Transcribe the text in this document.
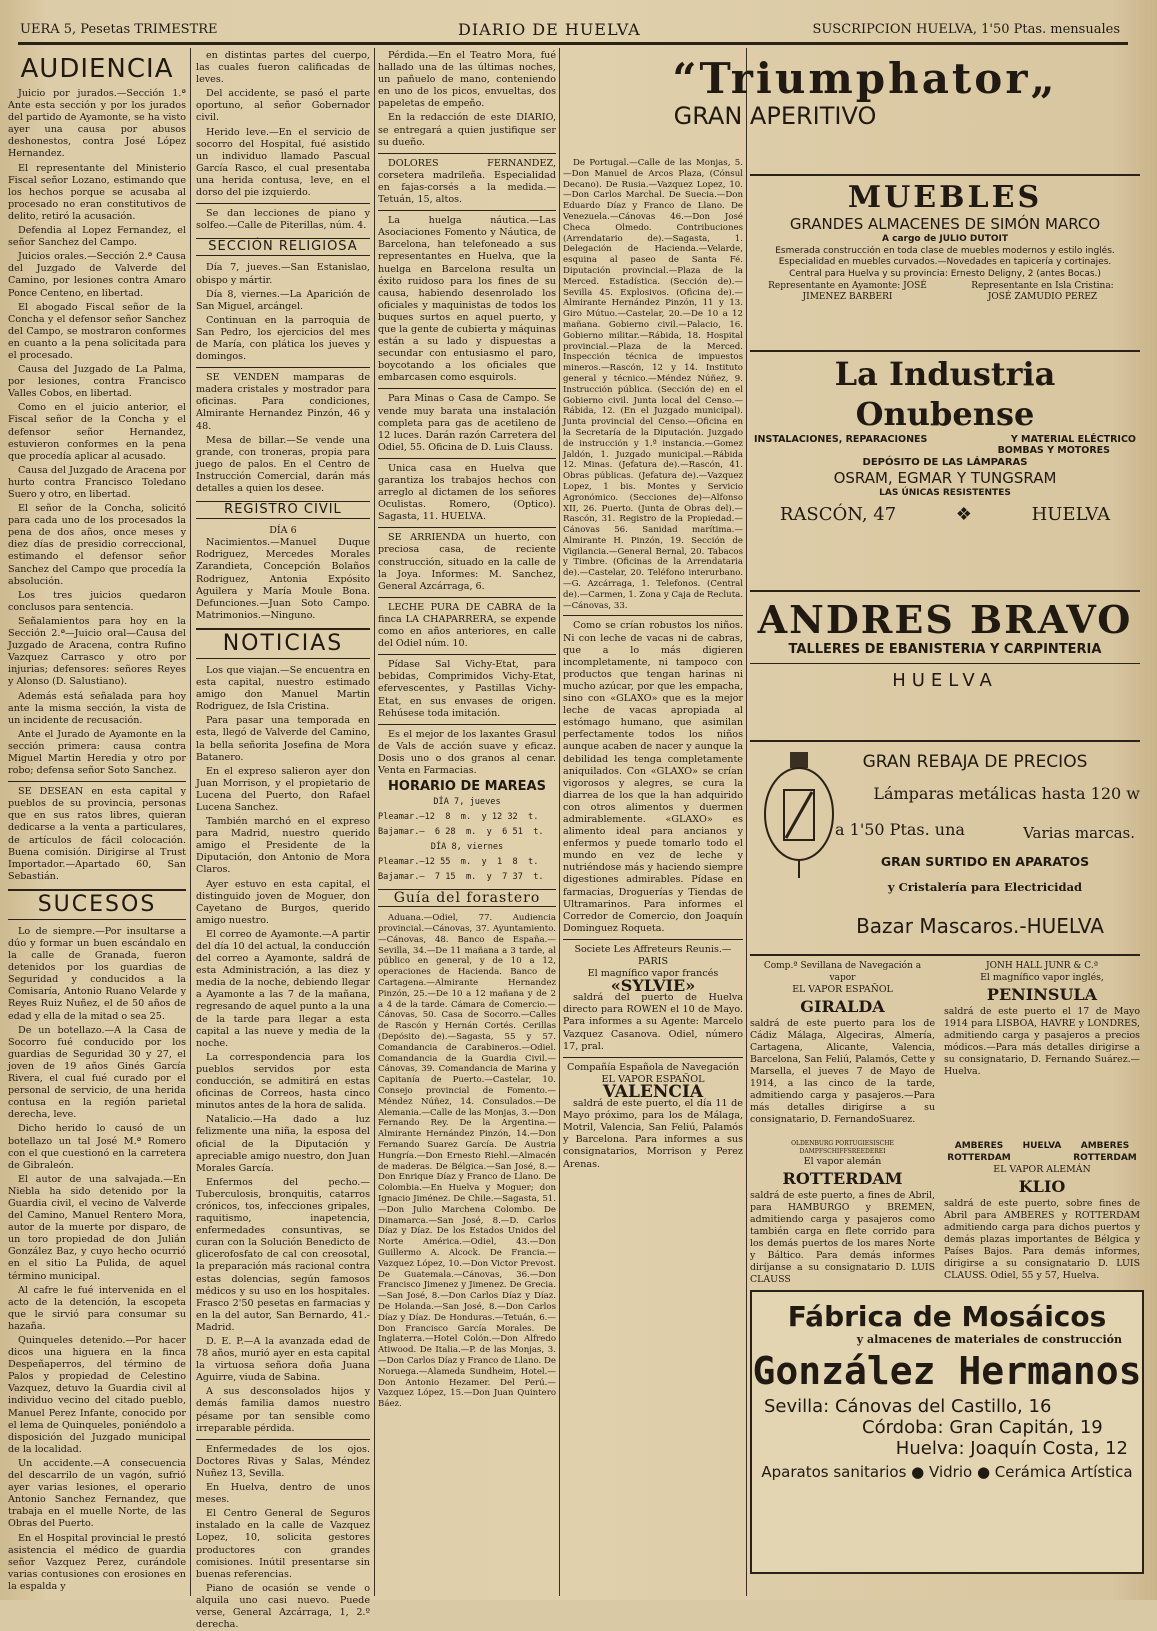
UERA 5, Pesetas TRIMESTRE	DIARIO DE HUELVA	SUSCRIPCION HUELVA, 1'50 Ptas. mensuales
AUDIENCIA

Juicio por jurados.—Sección 1.ª Ante esta sección y por los jurados del partido de Ayamonte, se ha visto ayer una causa por abusos deshonestos, contra José López Hernandez.

El representante del Ministerio Fiscal señor Lozano, estimando que los hechos porque se acusaba al procesado no eran constitutivos de delito, retiró la acusación.

Defendia al Lopez Fernandez, el señor Sanchez del Campo.

Juicios orales.—Sección 2.ª Causa del Juzgado de Valverde del Camino, por lesiones contra Amaro Ponce Centeno, en libertad.

El abogado Fiscal señor de la Concha y el defensor señor Sanchez del Campo, se mostraron conformes en cuanto a la pena solicitada para el procesado.

Causa del Juzgado de La Palma, por lesiones, contra Francisco Valles Cobos, en libertad.

Como en el juicio anterior, el Fiscal señor de la Concha y el defensor señor Hernandez, estuvieron conformes en la pena que procedía aplicar al acusado.

Causa del Juzgado de Aracena por hurto contra Francisco Toledano Suero y otro, en libertad.

El señor de la Concha, solicitó para cada uno de los procesados la pena de dos años, once meses y diez días de presidio correccional, estimando el defensor señor Sanchez del Campo que procedía la absolución.

Los tres juicios quedaron conclusos para sentencia.

Señalamientos para hoy en la Sección 2.ª—Juicio oral—Causa del Juzgado de Aracena, contra Rufino Vazquez Carrasco y otro por injurias; defensores: señores Reyes y Alonso (D. Salustiano).

Además está señalada para hoy ante la misma sección, la vista de un incidente de recusación.

Ante el Jurado de Ayamonte en la sección primera: causa contra Miguel Martin Heredia y otro por robo; defensa señor Soto Sanchez.

SE DESEAN en esta capital y pueblos de su provincia, personas que en sus ratos libres, quieran dedicarse a la venta a particulares, de artículos de fácil colocación. Buena comisión. Dirigirse al Trust Importador.—Apartado 60, San Sebastián.

SUCESOS

Lo de siempre.—Por insultarse a dúo y formar un buen escándalo en la calle de Granada, fueron detenidos por los guardias de Seguridad y conducidos a la Comisaría, Antonio Ruano Velarde y Reyes Ruiz Nuñez, el de 50 años de edad y ella de la mitad o sea 25.

De un botellazo.—A la Casa de Socorro fué conducido por los guardias de Seguridad 30 y 27, el joven de 19 años Ginés García Rivera, el cual fué curado por el personal de servicio, de una herida contusa en la región parietal derecha, leve.

Dicho herido lo causó de un botellazo un tal José M.ª Romero con el que cuestionó en la carretera de Gibraleón.

El autor de una salvajada.—En Niebla ha sido detenido por la Guardia civil, el vecino de Valverde del Camino, Manuel Rentero Mora, autor de la muerte por disparo, de un toro propiedad de don Julián González Baz, y cuyo hecho ocurrió en el sitio La Pulida, de aquel término municipal.

Al cafre le fué intervenida en el acto de la detención, la escopeta que le sirvió para consumar su hazaña.

Quinqueles detenido.—Por hacer dicos una higuera en la finca Despeñaperros, del término de Palos y propiedad de Celestino Vazquez, detuvo la Guardia civil al individuo vecino del citado pueblo, Manuel Perez Infante, conocido por el lema de Quinqueles, poniéndolo a disposición del Juzgado municipal de la localidad.

Un accidente.—A consecuencia del descarrilo de un vagón, sufrió ayer varias lesiones, el operario Antonio Sanchez Fernandez, que trabaja en el muelle Norte, de las Obras del Puerto.

En el Hospital provincial le prestó asistencia el médico de guardia señor Vazquez Perez, curándole varias contusiones con erosiones en la espalda y

en distintas partes del cuerpo, las cuales fueron calificadas de leves.

Del accidente, se pasó el parte oportuno, al señor Gobernador civil.

Herido leve.—En el servicio de socorro del Hospital, fué asistido un individuo llamado Pascual García Rasco, el cual presentaba una herida contusa, leve, en el dorso del pie izquierdo.

Se dan lecciones de piano y solfeo.—Calle de Piterillas, núm. 4.

SECCIÓN RELIGIOSA

Día 7, jueves.—San Estanislao, obispo y mártir.

Día 8, viernes.—La Aparición de San Miguel, arcángel.

Continuan en la parroquia de San Pedro, los ejercicios del mes de María, con plática los jueves y domingos.

SE VENDEN mamparas de madera cristales y mostrador para oficinas. Para condiciones, Almirante Hernandez Pinzón, 46 y 48.

Mesa de billar.—Se vende una grande, con troneras, propia para juego de palos. En el Centro de Instrucción Comercial, darán más detalles a quien los desee.

REGISTRO CIVIL
DÍA 6

Nacimientos.—Manuel Duque Rodriguez, Mercedes Morales Zarandieta, Concepción Bolaños Rodriguez, Antonia Expósito Aguilera y María Moule Bona. Defunciones.—Juan Soto Campo. Matrimonios.—Ninguno.

NOTICIAS

Los que viajan.—Se encuentra en esta capital, nuestro estimado amigo don Manuel Martin Rodriguez, de Isla Cristina.

Para pasar una temporada en esta, llegó de Valverde del Camino, la bella señorita Josefina de Mora Batanero.

En el expreso salieron ayer don Juan Morrison, y el propietario de Lucena del Puerto, don Rafael Lucena Sanchez.

También marchó en el expreso para Madrid, nuestro querido amigo el Presidente de la Diputación, don Antonio de Mora Claros.

Ayer estuvo en esta capital, el distinguido joven de Moguer, don Cayetano de Burgos, querido amigo nuestro.

El correo de Ayamonte.—A partir del día 10 del actual, la conducción del correo a Ayamonte, saldrá de esta Administración, a las diez y media de la noche, debiendo llegar a Ayamonte a las 7 de la mañana, regresando de aquel punto a la una de la tarde para llegar a esta capital a las nueve y media de la noche.

La correspondencia para los pueblos servidos por esta conducción, se admitirá en estas oficinas de Correos, hasta cinco minutos antes de la hora de salida.

Natalicio.—Ha dado a luz felizmente una niña, la esposa del oficial de la Diputación y apreciable amigo nuestro, don Juan Morales García.

Enfermos del pecho.—Tuberculosis, bronquitis, catarros crónicos, tos, infecciones gripales, raquitismo, inapetencia, enfermedades consuntivas, se curan con la Solución Benedicto de glicerofosfato de cal con creosotal, la preparación más racional contra estas dolencias, según famosos médicos y su uso en los hospitales. Frasco 2'50 pesetas en farmacias y en la del autor, San Bernardo, 41.-Madrid.

D. E. P.—A la avanzada edad de 78 años, murió ayer en esta capital la virtuosa señora doña Juana Aguirre, viuda de Sabina.

A sus desconsolados hijos y demás familia damos nuestro pésame por tan sensible como irreparable pérdida.

Enfermedades de los ojos. Doctores Rivas y Salas, Méndez Nuñez 13, Sevilla.

En Huelva, dentro de unos meses.

El Centro General de Seguros instalado en la calle de Vazquez Lopez, 10, solicita gestores productores con grandes comisiones. Inútil presentarse sin buenas referencias.

Piano de ocasión se vende o alquila uno casi nuevo. Puede verse, General Azcárraga, 1, 2.º derecha.

Pérdida.—En el Teatro Mora, fué hallado una de las últimas noches, un pañuelo de mano, conteniendo en uno de los picos, envueltas, dos papeletas de empeño.

En la redacción de este DIARIO, se entregará a quien justifique ser su dueño.

DOLORES FERNANDEZ, corsetera madrileña. Especialidad en fajas-corsés a la medida.—Tetuán, 15, altos.

La huelga náutica.—Las Asociaciones Fomento y Náutica, de Barcelona, han telefoneado a sus representantes en Huelva, que la huelga en Barcelona resulta un éxito ruidoso para los fines de su causa, habiendo desenrolado los oficiales y maquinistas de todos los buques surtos en aquel puerto, y que la gente de cubierta y máquinas están a su lado y dispuestas a secundar con entusiasmo el paro, boycotando a los oficiales que embarcasen como esquirols.

Para Minas o Casa de Campo. Se vende muy barata una instalación completa para gas de acetileno de 12 luces. Darán razón Carretera del Odiel, 55. Oficina de D. Luis Clauss.

Unica casa en Huelva que garantiza los trabajos hechos con arreglo al dictamen de los señores Oculistas. Romero, (Optico). Sagasta, 11. HUELVA.

SE ARRIENDA un huerto, con preciosa casa, de reciente construcción, situado en la calle de la Joya. Informes: M. Sanchez, General Azcárraga, 6.

LECHE PURA DE CABRA de la finca LA CHAPARRERA, se expende como en años anteriores, en calle del Odiel núm. 10.

Pídase Sal Vichy-Etat, para bebidas, Comprimidos Vichy-Etat, efervescentes, y Pastillas Vichy-Etat, en sus envases de origen. Rehúsese toda imitación.

Es el mejor de los laxantes Grasul de Vals de acción suave y eficaz. Dosis uno o dos granos al cenar. Venta en Farmacias.

HORARIO DE MAREAS
DÍA 7, jueves
Pleamar.—12  8  m.  y 12 32  t.
Bajamar.—  6 28  m.  y  6 51  t.
DÍA 8, viernes
Pleamar.—12 55  m.  y  1  8  t.
Bajamar.—  7 15  m.  y  7 37  t.
Guía del forastero

Aduana.—Odiel, 77. Audiencia provincial.—Cánovas, 37. Ayuntamiento.—Cánovas, 48. Banco de España.—Sevilla, 34.—De 11 mañana a 3 tarde, al público en general, y de 10 a 12, operaciones de Hacienda. Banco de Cartagena.—Almirante Hernandez Pinzón, 25.—De 10 a 12 mañana y de 2 a 4 de la tarde. Cámara de Comercio.—Cánovas, 50. Casa de Socorro.—Calles de Rascón y Hernán Cortés. Cerillas (Depósito de).—Sagasta, 55 y 57. Comandancia de Carabineros.—Odiel. Comandancia de la Guardia Civil.—Cánovas, 39. Comandancia de Marina y Capitanía de Puerto.—Castelar, 10. Consejo provincial de Fomento.—Méndez Núñez, 14. Consulados.—De Alemania.—Calle de las Monjas, 3.—Don Fernando Rey. De la Argentina.—Almirante Hernández Pinzón, 14.—Don Fernando Suarez García. De Austria Hungría.—Don Ernesto Riehl.—Almacén de maderas. De Bélgica.—San José, 8.—Don Enrique Díaz y Franco de Llano. De Colombia.—En Huelva y Moguer; don Ignacio Jiménez. De Chile.—Sagasta, 51.—Don Julio Marchena Colombo. De Dinamarca.—San José, 8.—D. Carlos Díaz y Díaz. De los Estados Unidos del Norte América.—Odiel, 43.—Don Guillermo A. Alcock. De Francia.—Vazquez López, 10.—Don Victor Prevost. De Guatemala.—Cánovas, 36.—Don Francisco Jimenez y Jimenez. De Grecia.—San José, 8.—Don Carlos Díaz y Díaz. De Holanda.—San José, 8.—Don Carlos Díaz y Díaz. De Honduras.—Tetuán, 6.—Don Francisco García Morales. De Inglaterra.—Hotel Colón.—Don Alfredo Atiwood. De Italia.—P. de las Monjas, 3.—Don Carlos Díaz y Franco de Llano. De Noruega.—Alameda Sundheim, Hotel.—Don Antonio Hezamer. Del Perú.—Vazquez López, 15.—Don Juan Quintero Báez.

De Portugal.—Calle de las Monjas, 5.—Don Manuel de Arcos Plaza, (Cónsul Decano). De Rusia.—Vazquez Lopez, 10.—Don Carlos Marchal. De Suecia.—Don Eduardo Díaz y Franco de Llano. De Venezuela.—Cánovas 46.—Don José Checa Olmedo. Contribuciones (Arrendatario de).—Sagasta, 1. Delegación de Hacienda.—Velarde, esquina al paseo de Santa Fé. Diputación provincial.—Plaza de la Merced. Estadística. (Sección de).—Sevilla 45. Explosivos. (Oficina de).—Almirante Hernández Pinzón, 11 y 13. Giro Mútuo.—Castelar, 20.—De 10 a 12 mañana. Gobierno civil.—Palacio, 16. Gobierno militar.—Rábida, 18. Hospital provincial.—Plaza de la Merced. Inspección técnica de impuestos mineros.—Rascón, 12 y 14. Instituto general y técnico.—Méndez Núñez, 9. Instrucción pública. (Sección de) en el Gobierno civil. Junta local del Censo.—Rábida, 12. (En el Juzgado municipal). Junta provincial del Censo.—Oficina en la Secretaría de la Diputación. Juzgado de instrucción y 1.ª instancia.—Gomez Jaldón, 1. Juzgado municipal.—Rábida 12. Minas. (Jefatura de).—Rascón, 41. Obras públicas. (Jefatura de).—Vazquez Lopez, 1 bis. Montes y Servicio Agronómico. (Secciones de)—Alfonso XII, 26. Puerto. (Junta de Obras del).—Rascón, 31. Registro de la Propiedad.—Cánovas 56. Sanidad marítima.—Almirante H. Pinzón, 19. Sección de Vigilancia.—General Bernal, 20. Tabacos y Timbre. (Oficinas de la Arrendataria de).—Castelar, 20. Teléfono interurbano.—G. Azcárraga, 1. Telefonos. (Central de).—Carmen, 1. Zona y Caja de Recluta.—Cánovas, 33.

Como se crían robustos los niños. Ni con leche de vacas ni de cabras, que a lo más digieren incompletamente, ni tampoco con productos que tengan harinas ni mucho azúcar, por que les empacha, sino con «GLAXO» que es la mejor leche de vacas apropiada al estómago humano, que asimilan perfectamente todos los niños aunque acaben de nacer y aunque la debilidad les tenga completamente aniquilados. Con «GLAXO» se crían vigorosos y alegres, se cura la diarrea de los que la han adquirido con otros alimentos y duermen admirablemente. «GLAXO» es alimento ideal para ancianos y enfermos y puede tomarlo todo el mundo en vez de leche y nutriéndose más y haciendo siempre digestiones admirables. Pídase en farmacias, Droguerías y Tiendas de Ultramarinos. Para informes el Corredor de Comercio, don Joaquín Dominguez Roqueta.

Societe Les Affreteurs Reunis.—PARIS
El magnífico vapor francés
«SYLVIE»

saldrá del puerto de Huelva directo para ROWEN el 10 de Mayo. Para informes a su Agente: Marcelo Vazquez Casanova. Odiel, número 17, pral.

Compañía Española de Navegación
EL VAPOR ESPAÑOL
VALENCIA

saldrá de este puerto, el día 11 de Mayo próximo, para los de Málaga, Motril, Valencia, San Feliú, Palamós y Barcelona. Para informes a sus consignatarios, Morrison y Perez Arenas.

“Triumphator„
GRAN APERITIVO
MUEBLES
GRANDES ALMACENES DE SIMÓN MARCO
A cargo de JULIO DUTOIT
Esmerada construcción en toda clase de muebles modernos y estilo inglés. Especialidad en muebles curvados.—Novedades en tapicería y cortinajes.
Central para Huelva y su provincia: Ernesto Deligny, 2 (antes Bocas.)
Representante en Ayamonte: JOSÉ JIMENEZ BARBERI
Representante en Isla Cristina: JOSÉ ZAMUDIO PEREZ
La Industria Onubense
INSTALACIONES, REPARACIONES	Y MATERIAL ELÉCTRICO
BOMBAS Y MOTORES
DEPÓSITO DE LAS LÁMPARAS
OSRAM, EGMAR Y TUNGSRAM
LAS ÚNICAS RESISTENTES
RASCÓN, 47	❖	HUELVA
ANDRES BRAVO
TALLERES DE EBANISTERIA Y CARPINTERIA
HUELVA
GRAN REBAJA DE PRECIOS
Lámparas metálicas hasta 120 w
a 1'50 Ptas. una	Varias marcas.
GRAN SURTIDO EN APARATOS
y Cristalería para Electricidad
Bazar Mascaros.-HUELVA
Comp.ª Sevillana de Navegación a vapor
EL VAPOR ESPAÑOL
GIRALDA

saldrá de este puerto para los de Cádiz Málaga, Algeciras, Almería, Cartagena, Alicante, Valencia, Barcelona, San Feliú, Palamós, Cette y Marsella, el jueves 7 de Mayo de 1914, a las cinco de la tarde, admitiendo carga y pasajeros.—Para más detalles dirigirse a su consignatario, D. FernandoSuarez.

JONH HALL JUNR & C.ª
El magnífico vapor inglés,
PENINSULA

saldrá de este puerto el 17 de Mayo 1914 para LISBOA, HAVRE y LONDRES, admitiendo carga y pasajeros a precios módicos.—Para más detalles dirigirse a su consignatario, D. Fernando Suárez.—Huelva.

OLDENBURG PORTUGIESISCHE DAMPFSCHIFFSREEDEREI
El vapor alemán
ROTTERDAM

saldrá de este puerto, a fines de Abril, para HAMBURGO y BREMEN, admitiendo carga y pasajeros como también carga en flete corrido para los demás puertos de los mares Norte y Báltico. Para demás informes diríjanse a su consignatario D. LUIS CLAUSS

AMBERES ROTTERDAM
HUELVA	AMBERES ROTTERDAM
EL VAPOR ALEMÁN
KLIO

saldrá de este puerto, sobre fines de Abril para AMBERES y ROTTERDAM admitiendo carga para dichos puertos y demás plazas importantes de Bélgica y Países Bajos. Para demás informes, dirigirse a su consignatario D. LUIS CLAUSS. Odiel, 55 y 57, Huelva.

Fábrica de Mosáicos
y almacenes de materiales de construcción
González Hermanos
Sevilla: Cánovas del Castillo, 16
Córdoba: Gran Capitán, 19
Huelva: Joaquín Costa, 12
Aparatos sanitarios ● Vidrio ● Cerámica Artística
